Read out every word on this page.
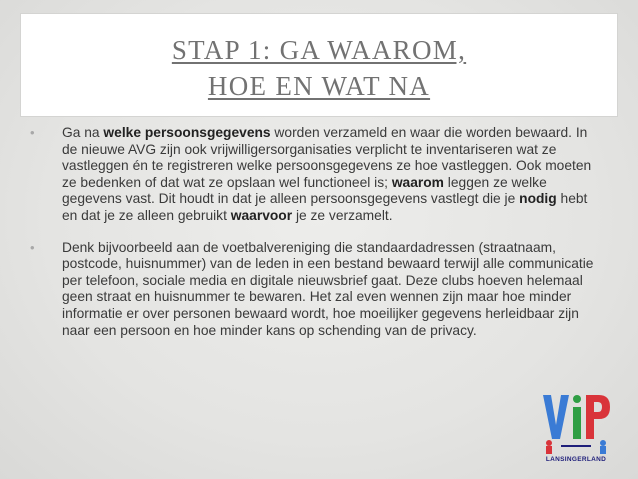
STAP 1: GA WAAROM,
HOE EN WAT NA
• Ga na welke persoonsgegevens worden verzameld en waar die worden bewaard. In de nieuwe AVG zijn ook vrijwilligersorganisaties verplicht te inventariseren wat ze vastleggen én te registreren welke persoonsgegevens ze hoe vastleggen. Ook moeten ze bedenken of dat wat ze opslaan wel functioneel is; waarom leggen ze welke gegevens vast. Dit houdt in dat je alleen persoonsgegevens vastlegt die je nodig hebt en dat je ze alleen gebruikt waarvoor je ze verzamelt.
• Denk bijvoorbeeld aan de voetbalvereniging die standaardadressen (straatnaam, postcode, huisnummer) van de leden in een bestand bewaard terwijl alle communicatie per telefoon, sociale media en digitale nieuwsbrief gaat. Deze clubs hoeven helemaal geen straat en huisnummer te bewaren. Het zal even wennen zijn maar hoe minder informatie er over personen bewaard wordt, hoe moeilijker gegevens herleidbaar zijn naar een persoon en hoe minder kans op schending van de privacy.
LANSINGERLAND
